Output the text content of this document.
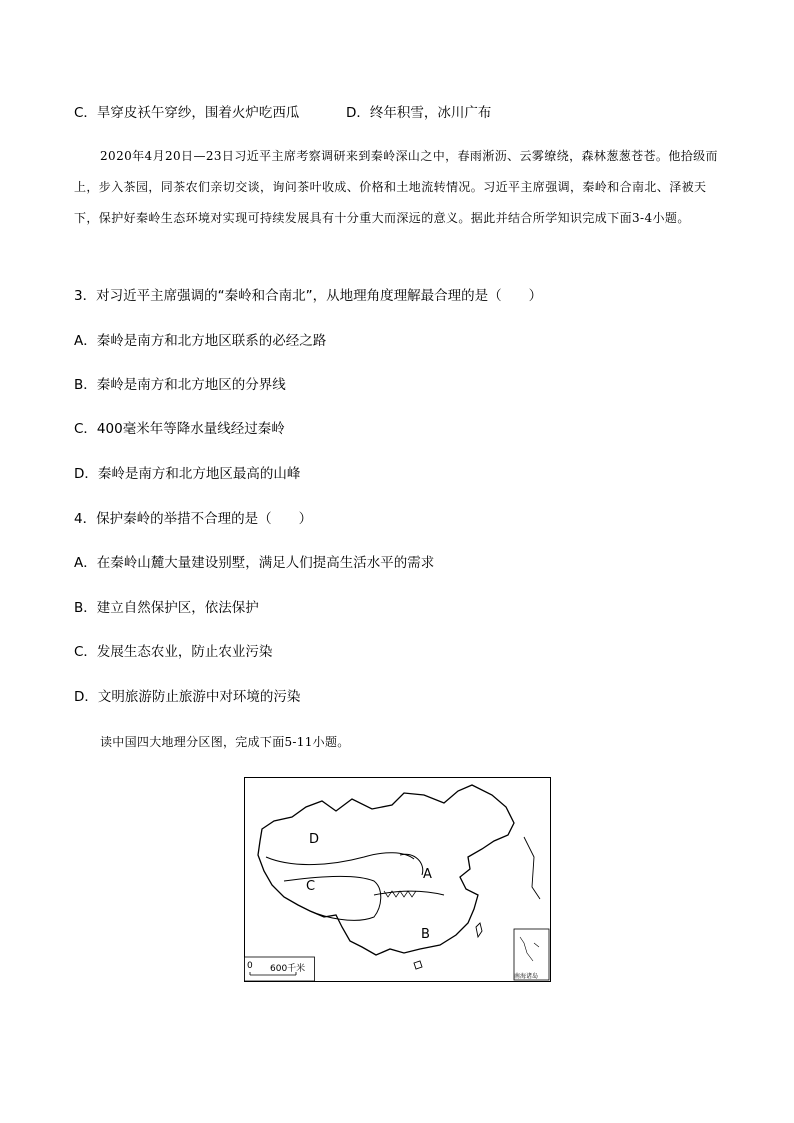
C．旱穿皮袄午穿纱，围着火炉吃西瓜	D．终年积雪，冰川广布
2020年4月20日—23日习近平主席考察调研来到秦岭深山之中，春雨淅沥、云雾缭绕，森林葱葱苍苍。他拾级而上，步入茶园，同茶农们亲切交谈，询问茶叶收成、价格和土地流转情况。习近平主席强调，秦岭和合南北、泽被天下，保护好秦岭生态环境对实现可持续发展具有十分重大而深远的意义。据此并结合所学知识完成下面3-4小题。
3．对习近平主席强调的“秦岭和合南北”，从地理角度理解最合理的是（　　）
A．秦岭是南方和北方地区联系的必经之路
B．秦岭是南方和北方地区的分界线
C．400毫米年等降水量线经过秦岭
D．秦岭是南方和北方地区最高的山峰
4．保护秦岭的举措不合理的是（　　）
A．在秦岭山麓大量建设别墅，满足人们提高生活水平的需求
B．建立自然保护区，依法保护
C．发展生态农业，防止农业污染
D．文明旅游防止旅游中对环境的污染
读中国四大地理分区图，完成下面5-11小题。
D
C
A
B
0 600千米
南海诸岛
